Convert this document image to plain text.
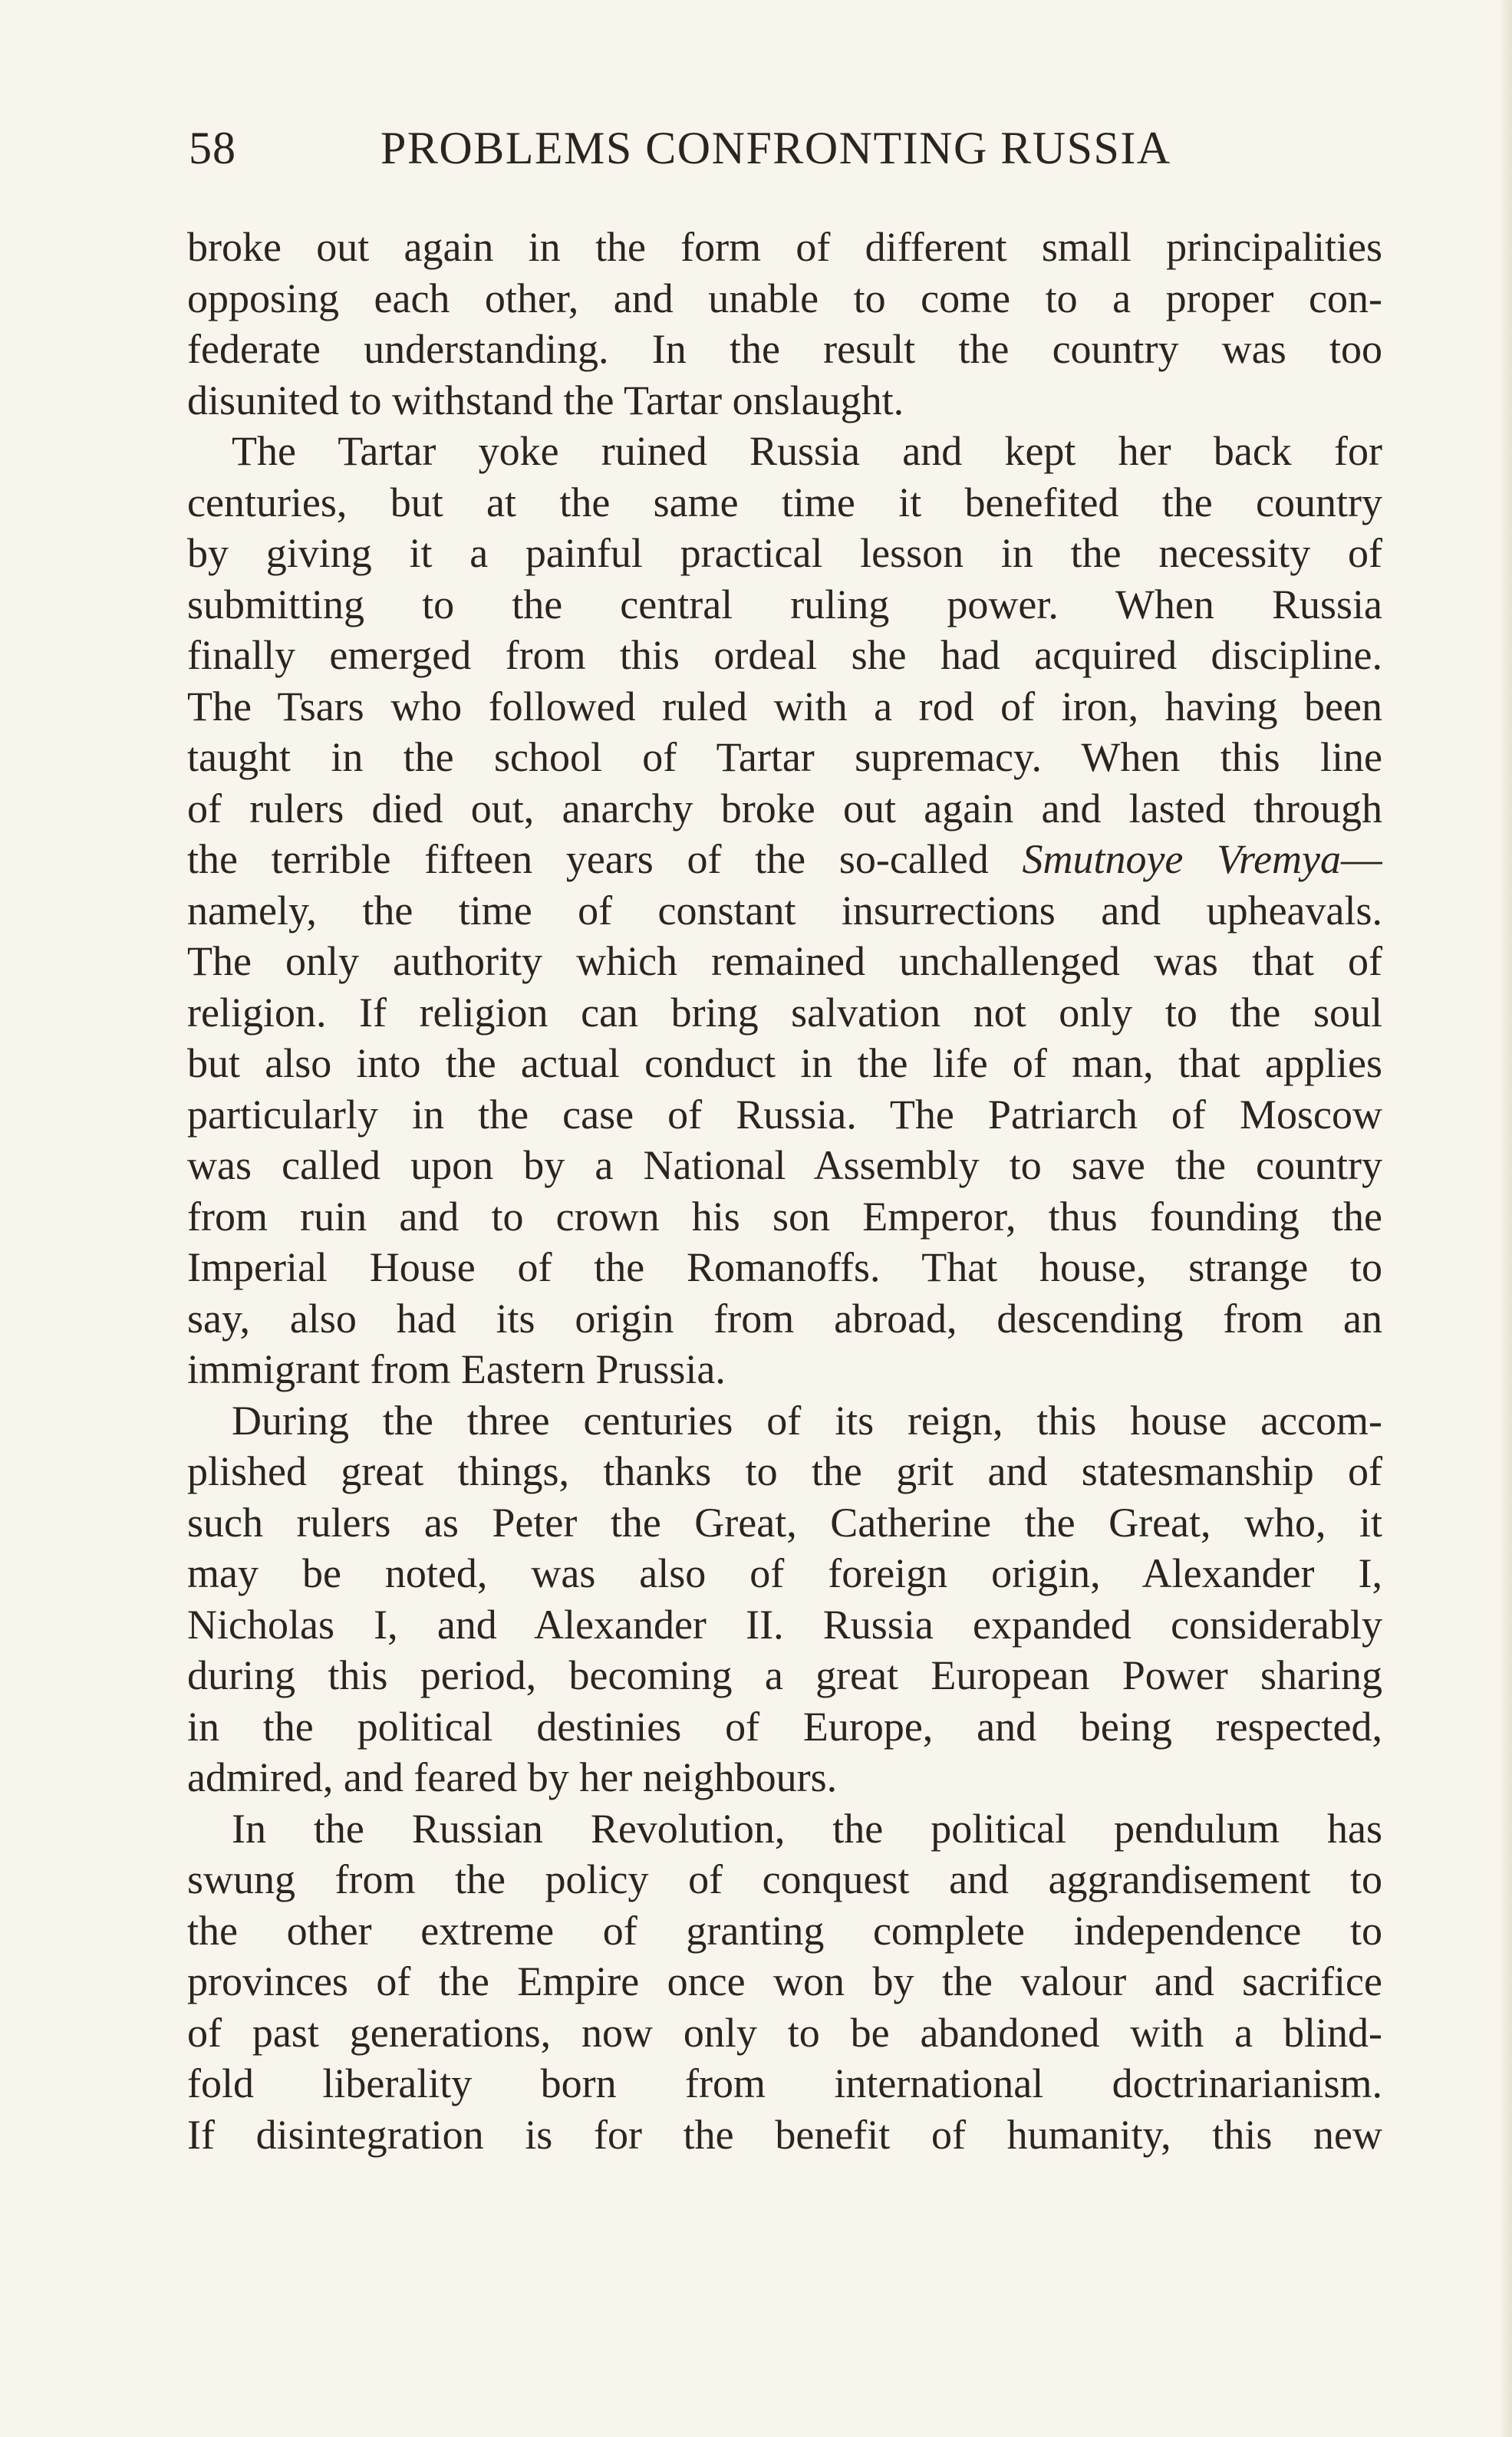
58	PROBLEMS CONFRONTING RUSSIA
broke out again in the form of different small principalities
opposing each other, and unable to come to a proper con-
federate understanding. In the result the country was too
disunited to withstand the Tartar onslaught.
The Tartar yoke ruined Russia and kept her back for
centuries, but at the same time it benefited the country
by giving it a painful practical lesson in the necessity of
submitting to the central ruling power. When Russia
finally emerged from this ordeal she had acquired discipline.
The Tsars who followed ruled with a rod of iron, having been
taught in the school of Tartar supremacy. When this line
of rulers died out, anarchy broke out again and lasted through
the terrible fifteen years of the so-called Smutnoye Vremya—
namely, the time of constant insurrections and upheavals.
The only authority which remained unchallenged was that of
religion. If religion can bring salvation not only to the soul
but also into the actual conduct in the life of man, that applies
particularly in the case of Russia. The Patriarch of Moscow
was called upon by a National Assembly to save the country
from ruin and to crown his son Emperor, thus founding the
Imperial House of the Romanoffs. That house, strange to
say, also had its origin from abroad, descending from an
immigrant from Eastern Prussia.
During the three centuries of its reign, this house accom-
plished great things, thanks to the grit and statesmanship of
such rulers as Peter the Great, Catherine the Great, who, it
may be noted, was also of foreign origin, Alexander I,
Nicholas I, and Alexander II. Russia expanded considerably
during this period, becoming a great European Power sharing
in the political destinies of Europe, and being respected,
admired, and feared by her neighbours.
In the Russian Revolution, the political pendulum has
swung from the policy of conquest and aggrandisement to
the other extreme of granting complete independence to
provinces of the Empire once won by the valour and sacrifice
of past generations, now only to be abandoned with a blind-
fold liberality born from international doctrinarianism.
If disintegration is for the benefit of humanity, this new
